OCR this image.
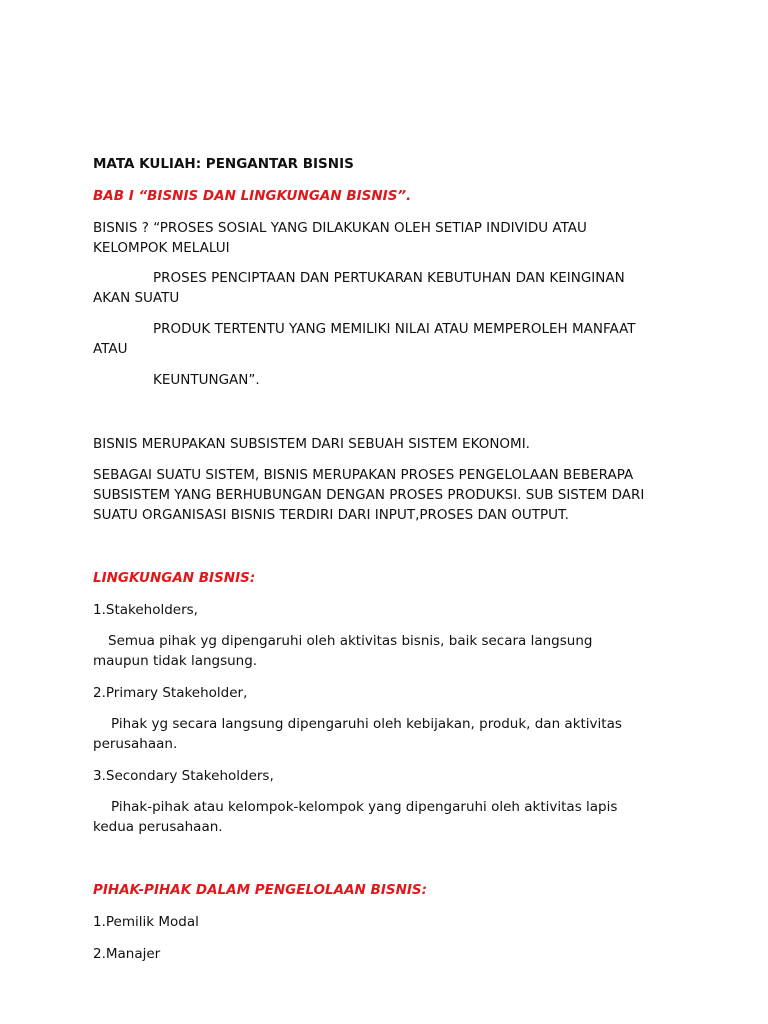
MATA KULIAH: PENGANTAR BISNIS

BAB I “BISNIS DAN LINGKUNGAN BISNIS”.

BISNIS ? “PROSES SOSIAL YANG DILAKUKAN OLEH SETIAP INDIVIDU ATAU

KELOMPOK MELALUI

PROSES PENCIPTAAN DAN PERTUKARAN KEBUTUHAN DAN KEINGINAN

AKAN SUATU

PRODUK TERTENTU YANG MEMILIKI NILAI ATAU MEMPEROLEH MANFAAT

ATAU

KEUNTUNGAN”.

BISNIS MERUPAKAN SUBSISTEM DARI SEBUAH SISTEM EKONOMI.

SEBAGAI SUATU SISTEM, BISNIS MERUPAKAN PROSES PENGELOLAAN BEBERAPA

SUBSISTEM YANG BERHUBUNGAN DENGAN PROSES PRODUKSI. SUB SISTEM DARI

SUATU ORGANISASI BISNIS TERDIRI DARI INPUT,PROSES DAN OUTPUT.

LINGKUNGAN BISNIS:

1.Stakeholders,

Semua pihak yg dipengaruhi oleh aktivitas bisnis, baik secara langsung

maupun tidak langsung.

2.Primary Stakeholder,

Pihak yg secara langsung dipengaruhi oleh kebijakan, produk, dan aktivitas

perusahaan.

3.Secondary Stakeholders,

Pihak-pihak atau kelompok-kelompok yang dipengaruhi oleh aktivitas lapis

kedua perusahaan.

PIHAK-PIHAK DALAM PENGELOLAAN BISNIS:

1.Pemilik Modal

2.Manajer
